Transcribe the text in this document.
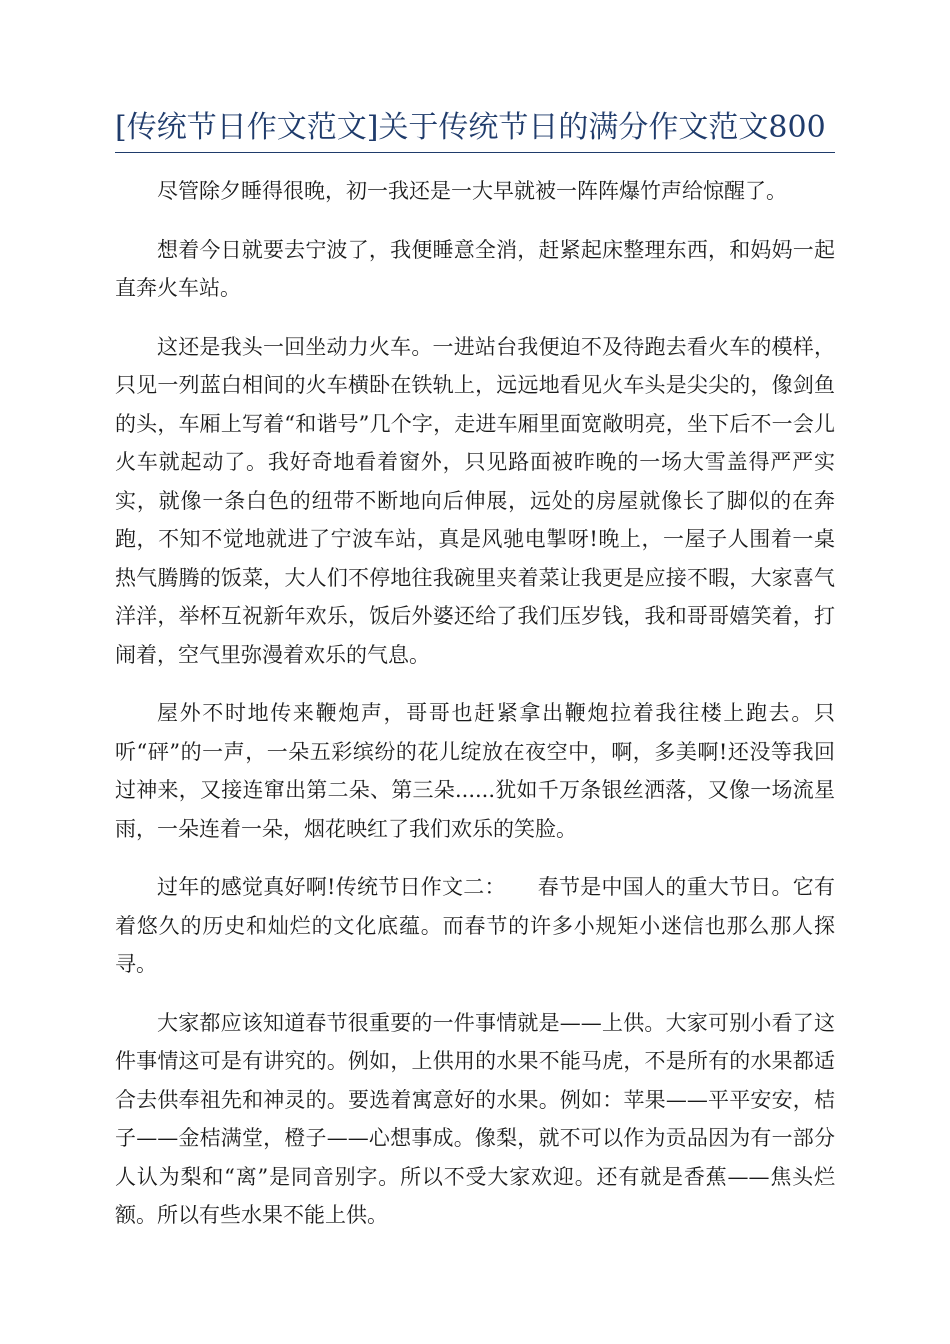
[传统节日作文范文]关于传统节日的满分作文范文800

尽管除夕睡得很晚，初一我还是一大早就被一阵阵爆竹声给惊醒了。

想着今日就要去宁波了，我便睡意全消，赶紧起床整理东西，和妈妈一起直奔火车站。

这还是我头一回坐动力火车。一进站台我便迫不及待跑去看火车的模样，只见一列蓝白相间的火车横卧在铁轨上，远远地看见火车头是尖尖的，像剑鱼的头，车厢上写着“和谐号”几个字，走进车厢里面宽敞明亮，坐下后不一会儿火车就起动了。我好奇地看着窗外，只见路面被昨晚的一场大雪盖得严严实实，就像一条白色的纽带不断地向后伸展，远处的房屋就像长了脚似的在奔跑，不知不觉地就进了宁波车站，真是风驰电掣呀!晚上，一屋子人围着一桌热气腾腾的饭菜，大人们不停地往我碗里夹着菜让我更是应接不暇，大家喜气洋洋，举杯互祝新年欢乐，饭后外婆还给了我们压岁钱，我和哥哥嬉笑着，打闹着，空气里弥漫着欢乐的气息。

屋外不时地传来鞭炮声，哥哥也赶紧拿出鞭炮拉着我往楼上跑去。只听“砰”的一声，一朵五彩缤纷的花儿绽放在夜空中，啊，多美啊!还没等我回过神来，又接连窜出第二朵、第三朵......犹如千万条银丝洒落，又像一场流星雨，一朵连着一朵，烟花映红了我们欢乐的笑脸。

过年的感觉真好啊!传统节日作文二：　　春节是中国人的重大节日。它有着悠久的历史和灿烂的文化底蕴。而春节的许多小规矩小迷信也那么那人探寻。

大家都应该知道春节很重要的一件事情就是——上供。大家可别小看了这件事情这可是有讲究的。例如，上供用的水果不能马虎，不是所有的水果都适合去供奉祖先和神灵的。要选着寓意好的水果。例如：苹果——平平安安，桔子——金桔满堂，橙子——心想事成。像梨，就不可以作为贡品因为有一部分人认为梨和“离”是同音别字。所以不受大家欢迎。还有就是香蕉——焦头烂额。所以有些水果不能上供。
